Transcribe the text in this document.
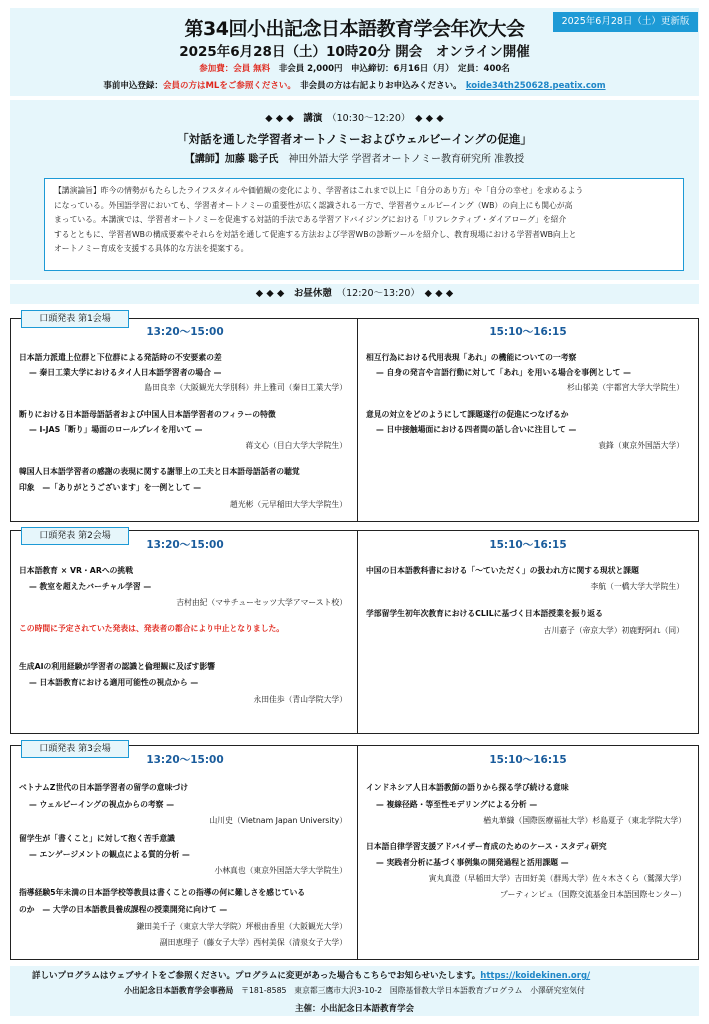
第34回小出記念日本語教育学会年次大会
2025年6月28日（土）10時20分 開会　オンライン開催
参加費：会員 無料　非会員 2,000円　申込締切：6月16日（月）　定員：400名
事前申込登録：会員の方はMLをご参照ください。　非会員の方は右記よりお申込みください。　 koide34th250628.peatix.com
2025年6月28日（土）更新版
◆ ◆ ◆　講演　 （10:30〜12:20）　 ◆ ◆ ◆
「対話を通した学習者オートノミーおよびウェルビーイングの促進」
【講師】加藤 聡子氏　神田外語大学 学習者オートノミー教育研究所 准教授
【講演論旨】昨今の情勢がもたらしたライフスタイルや価値観の変化により、学習者はこれまで以上に「自分のあり方」や「自分の幸せ」を求めるよう
になっている。外国語学習においても、学習者オートノミーの重要性が広く認識される一方で、学習者ウェルビーイング（WB）の向上にも関心が高
まっている。本講演では、学習者オートノミーを促進する対話的手法である学習アドバイジングにおける「リフレクティブ・ダイアローグ」を紹介
するとともに、学習者WBの構成要素やそれらを対話を通して促進する方法および学習WBの診断ツールを紹介し、教育現場における学習者WB向上と
オートノミー育成を支援する具体的な方法を提案する。
◆ ◆ ◆　お昼休憩　 （12:20〜13:20）　 ◆ ◆ ◆
口頭発表 第1会場
13:20〜15:00
日本語力派遣上位群と下位群による発話時の不安要素の差
— 秦日工業大学におけるタイ人日本語学習者の場合 —
島田良幸（大阪観光大学別科）井上雅司（秦日工業大学）
断りにおける日本語母語話者および中国人日本語学習者のフィラーの特徴
— I-JAS「断り」場面のロールプレイを用いて —
蒋文心（目白大学大学院生）
韓国人日本語学習者の感謝の表現に関する謝罪上の工夫と日本語母語話者の聴覚
印象　—「ありがとうございます」を一例として —
趙光彬（元早稲田大学大学院生）
15:10〜16:15
相互行為における代用表現「あれ」の機能についての一考察
— 自身の発言や言語行動に対して「あれ」を用いる場合を事例として —
杉山郁美（宇都宮大学大学院生）
意見の対立をどのようにして課題遂行の促進につなげるか
— 日中接触場面における四者間の話し合いに注目して —
袁鋒（東京外国語大学）
口頭発表 第2会場
13:20〜15:00
日本語教育 × VR・ARへの挑戦
— 教室を超えたバーチャル学習 —
吉村由紀（マサチューセッツ大学アマースト校）
この時間に予定されていた発表は、発表者の都合により中止となりました。
生成AIの利用経験が学習者の認識と倫理観に及ぼす影響
— 日本語教育における適用可能性の視点から —
永田佳歩（青山学院大学）
15:10〜16:15
中国の日本語教科書における「〜ていただく」の扱われ方に関する現状と課題
李航（一橋大学大学院生）
学部留学生初年次教育におけるCLILに基づく日本語授業を振り返る
古川嘉子（帝京大学）初鹿野阿れ（同）
口頭発表 第3会場
13:20〜15:00
ベトナムZ世代の日本語学習者の留学の意味づけ
— ウェルビーイングの視点からの考察 —
山川史（Vietnam Japan University）
留学生が「書くこと」に対して抱く苦手意識
— エンゲージメントの観点による質的分析 —
小林真也（東京外国語大学大学院生）
指導経験5年未満の日本語学校等教員は書くことの指導の何に難しさを感じている
のか　— 大学の日本語教員養成課程の授業開発に向けて —
鎌田美千子（東京大学大学院）坪根由香里（大阪観光大学）
副田恵理子（藤女子大学）西村美保（清泉女子大学）
15:10〜16:15
インドネシア人日本語教師の語りから探る学び続ける意味
— 複線径路・等至性モデリングによる分析 —
楢丸華織（国際医療福祉大学）杉島夏子（東北学院大学）
日本語自律学習支援アドバイザー育成のためのケース・スタディ研究
— 実践者分析に基づく事例集の開発過程と活用課題 —
寅丸真澄（早稲田大学）吉田好美（群馬大学）佐々木さくら（鷲澤大学）
プーティンピュ（国際交流基金日本語国際センター）
詳しいプログラムはウェブサイトをご参照ください。プログラムに変更があった場合もこちらでお知らせいたします。https://koidekinen.org/
小出記念日本語教育学会事務局　〒181-8585　東京都三鷹市大沢3-10-2　国際基督教大学日本語教育プログラム　小澤研究室気付
主催：小出記念日本語教育学会
